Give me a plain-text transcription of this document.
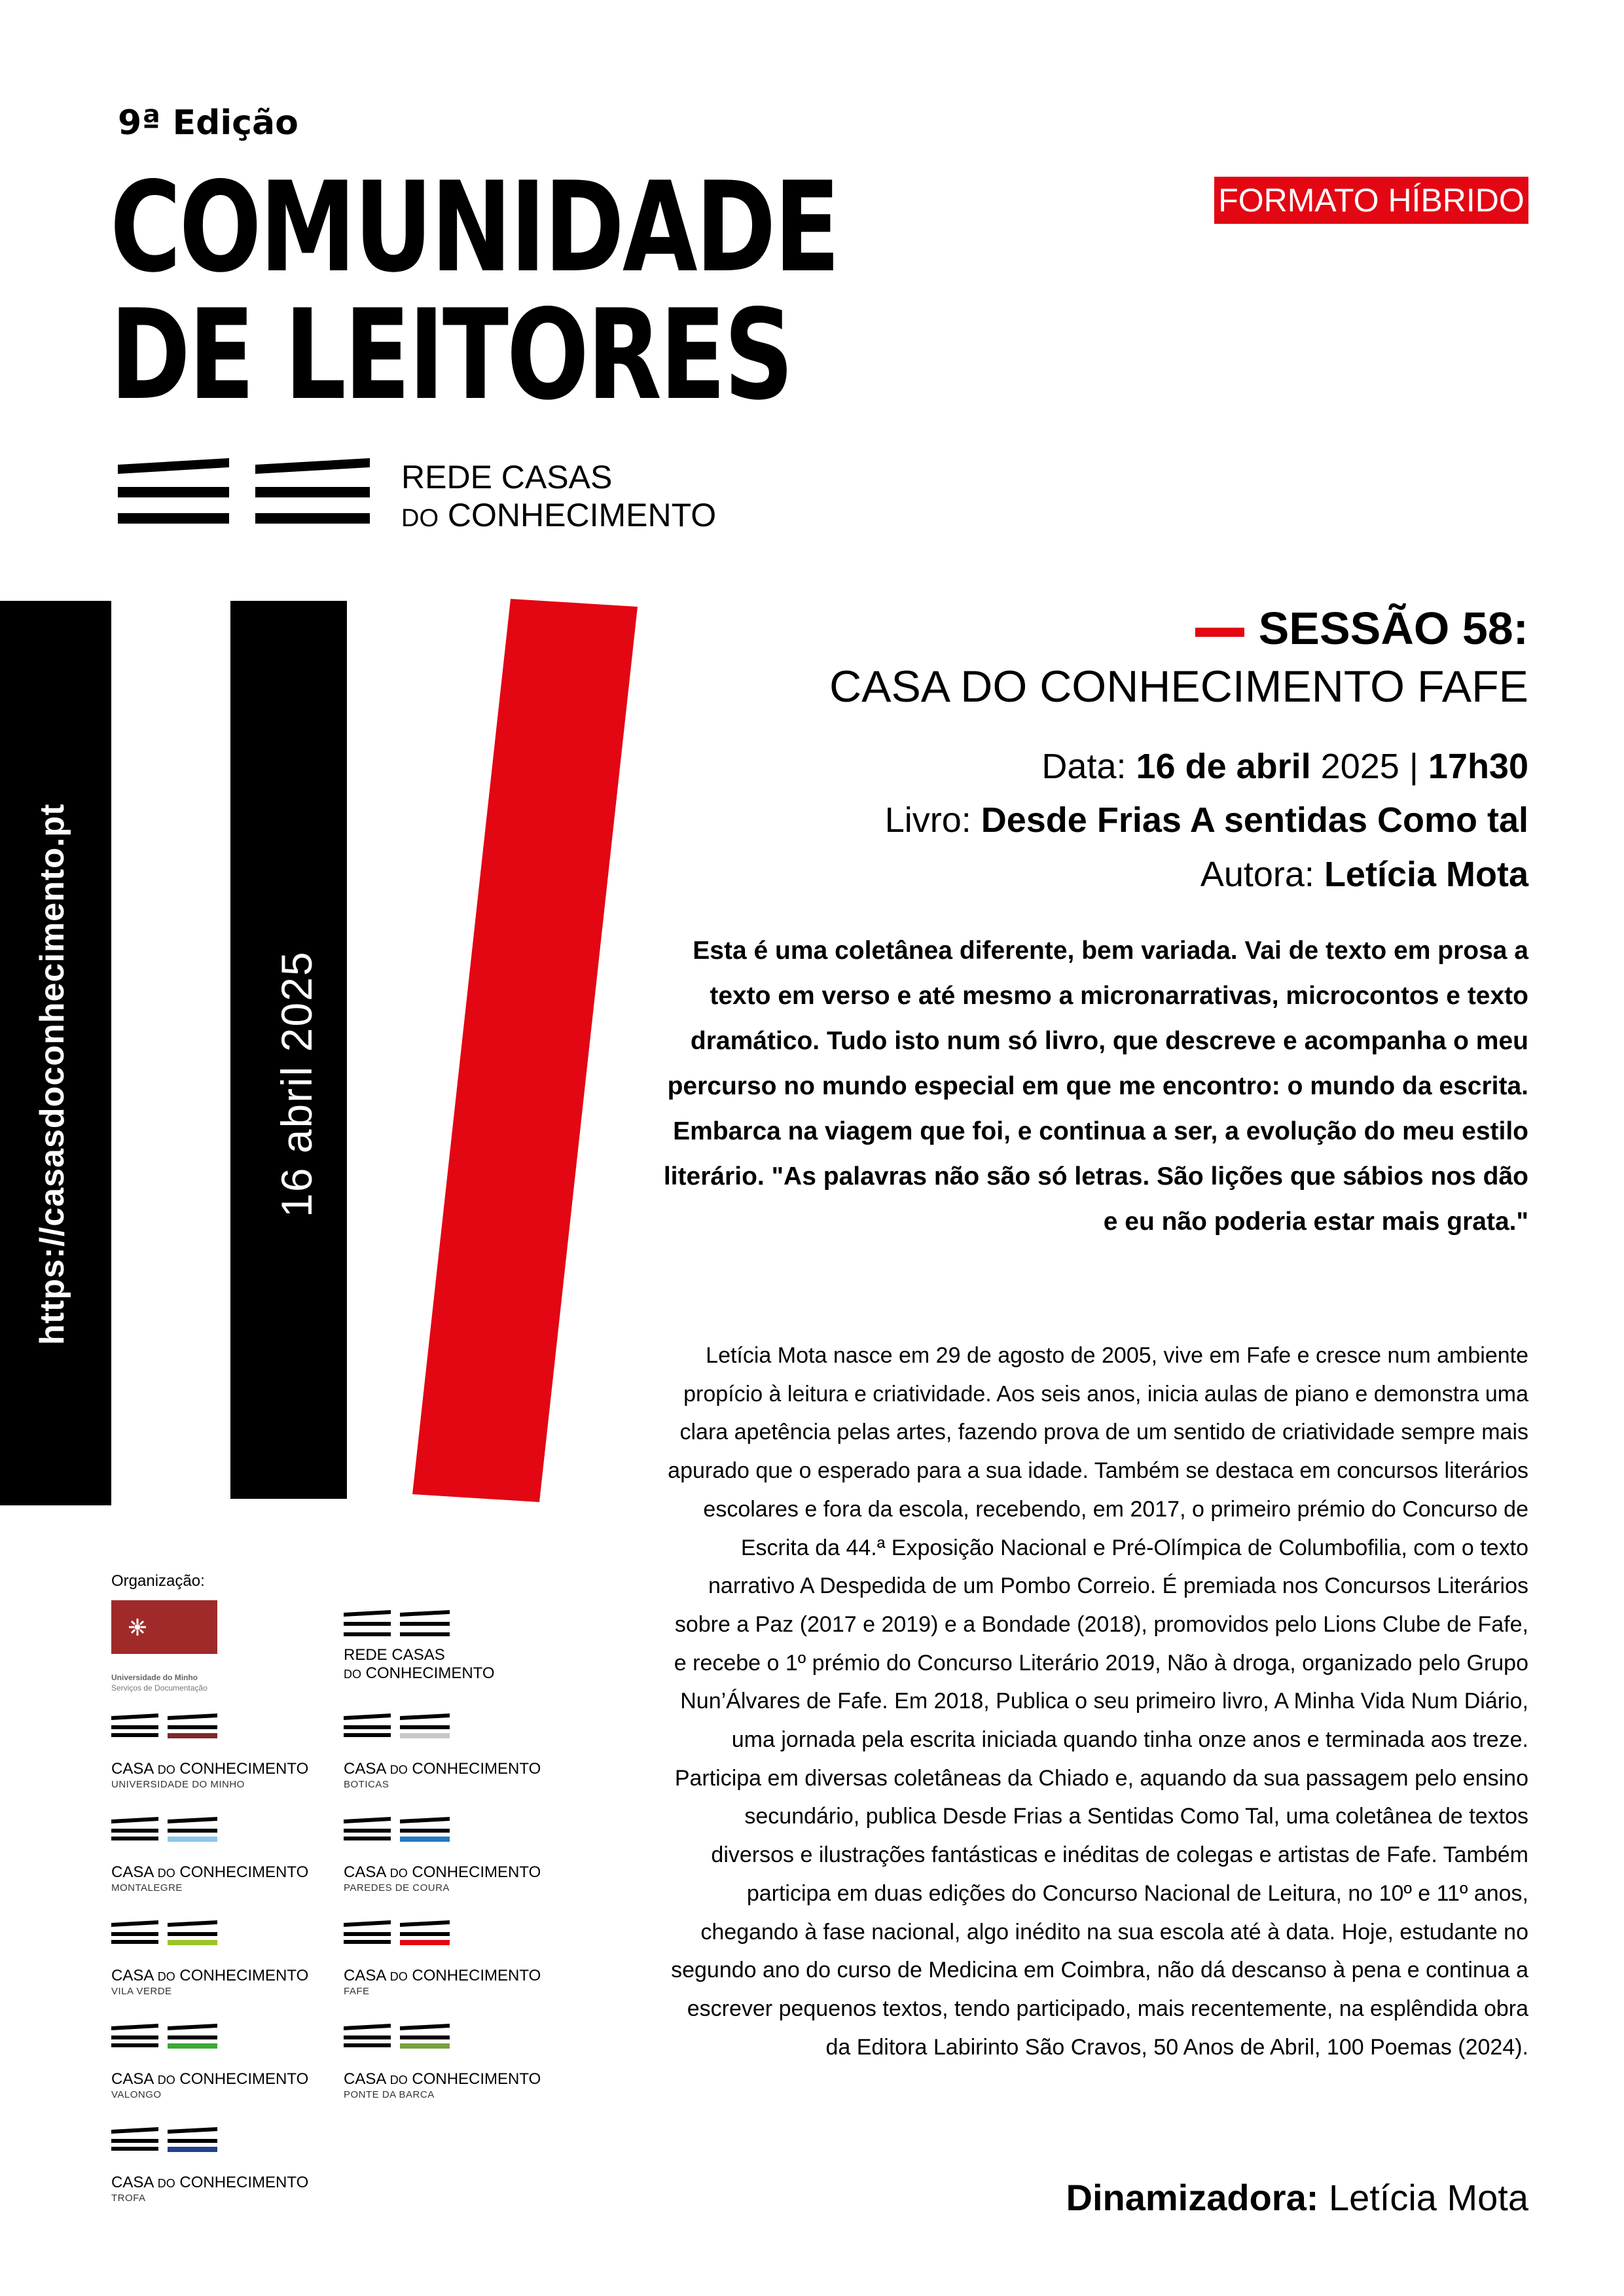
9ª Edição
COMUNIDADE
DE LEITORES
FORMATO HÍBRIDO
REDE CASAS
DO CONHECIMENTO
https://casasdoconhecimento.pt	16 abril 2025
SESSÃO 58:
CASA DO CONHECIMENTO FAFE
Data: 16 de abril 2025 | 17h30
Livro: Desde Frias A sentidas Como tal
Autora: Letícia Mota
Esta é uma coletânea diferente, bem variada. Vai de texto em prosa a texto em verso e até mesmo a micronarrativas, microcontos e texto dramático. Tudo isto num só livro, que descreve e acompanha o meu percurso no mundo especial em que me encontro: o mundo da escrita. Embarca na viagem que foi, e continua a ser, a evolução do meu estilo literário. "As palavras não são só letras. São lições que sábios nos dão e eu não poderia estar mais grata."
Letícia Mota nasce em 29 de agosto de 2005, vive em Fafe e cresce num ambiente propício à leitura e criatividade. Aos seis anos, inicia aulas de piano e demonstra uma clara apetência pelas artes, fazendo prova de um sentido de criatividade sempre mais apurado que o esperado para a sua idade. Também se destaca em concursos literários escolares e fora da escola, recebendo, em 2017, o primeiro prémio do Concurso de Escrita da 44.ª Exposição Nacional e Pré-Olímpica de Columbofilia, com o texto narrativo A Despedida de um Pombo Correio. É premiada nos Concursos Literários sobre a Paz (2017 e 2019) e a Bondade (2018), promovidos pelo Lions Clube de Fafe, e recebe o 1º prémio do Concurso Literário 2019, Não à droga, organizado pelo Grupo Nun’Álvares de Fafe. Em 2018, Publica o seu primeiro livro, A Minha Vida Num Diário, uma jornada pela escrita iniciada quando tinha onze anos e terminada aos treze. Participa em diversas coletâneas da Chiado e, aquando da sua passagem pelo ensino secundário, publica Desde Frias a Sentidas Como Tal, uma coletânea de textos diversos e ilustrações fantásticas e inéditas de colegas e artistas de Fafe. Também participa em duas edições do Concurso Nacional de Leitura, no 10º e 11º anos, chegando à fase nacional, algo inédito na sua escola até à data. Hoje, estudante no segundo ano do curso de Medicina em Coimbra, não dá descanso à pena e continua a escrever pequenos textos, tendo participado, mais recentemente, na esplêndida obra da Editora Labirinto São Cravos, 50 Anos de Abril, 100 Poemas (2024).
Dinamizadora: Letícia Mota
Organização:
Universidade do Minho
Serviços de Documentação
REDE CASAS
DO CONHECIMENTO
CASA DO CONHECIMENTO
UNIVERSIDADE DO MINHO
CASA DO CONHECIMENTO
BOTICAS
CASA DO CONHECIMENTO
MONTALEGRE
CASA DO CONHECIMENTO
PAREDES DE COURA
CASA DO CONHECIMENTO
VILA VERDE
CASA DO CONHECIMENTO
FAFE
CASA DO CONHECIMENTO
VALONGO
CASA DO CONHECIMENTO
PONTE DA BARCA
CASA DO CONHECIMENTO
TROFA
